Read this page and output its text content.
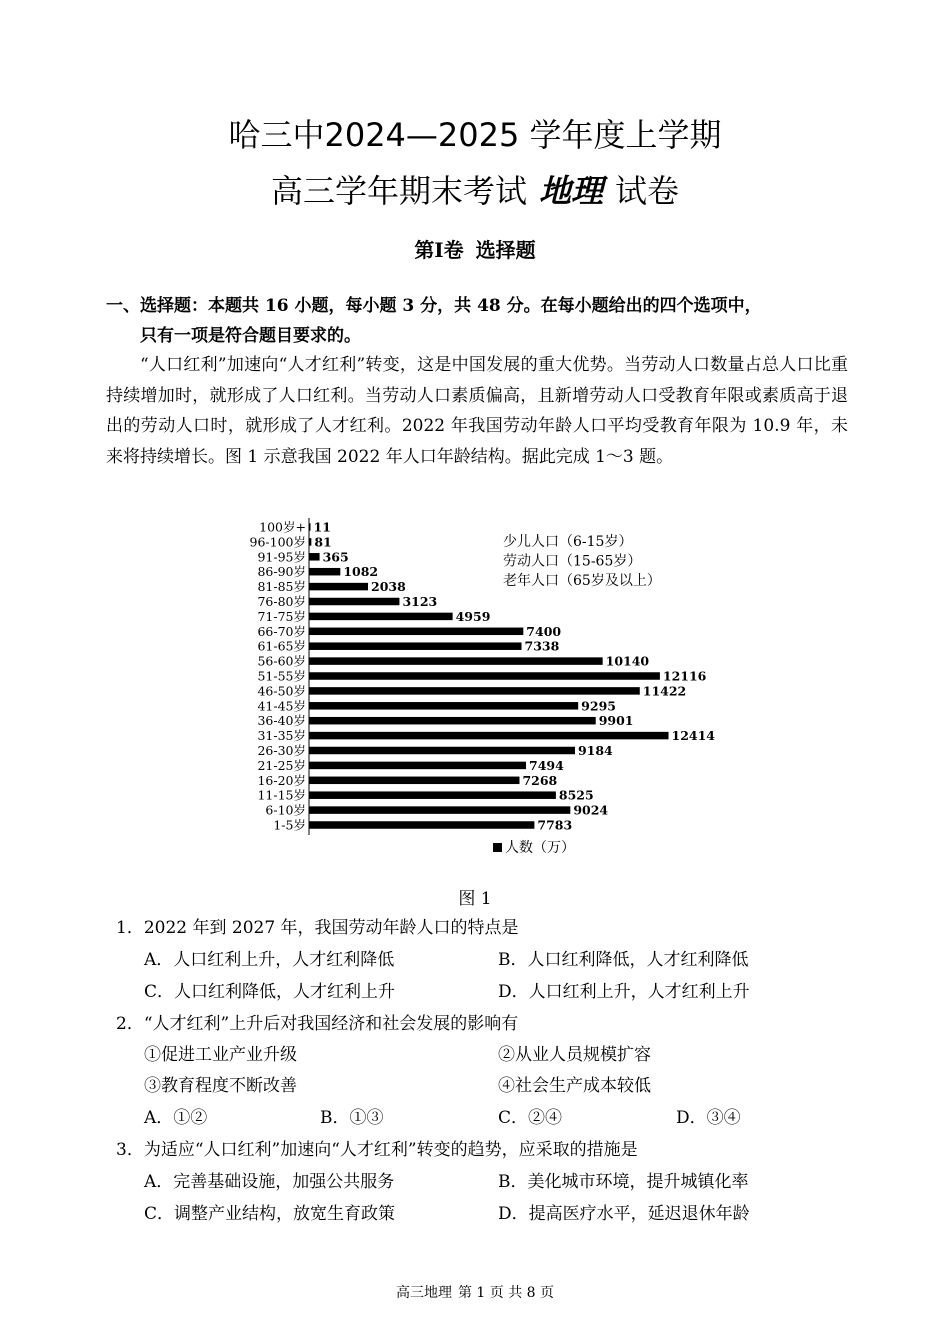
哈三中2024—2025 学年度上学期
高三学年期末考试 地理 试卷
第Ⅰ卷 选择题
一、选择题：本题共 16 小题，每小题 3 分，共 48 分。在每小题给出的四个选项中，
只有一项是符合题目要求的。

“人口红利”加速向“人才红利”转变，这是中国发展的重大优势。当劳动人口数量占总人口比重持续增加时，就形成了人口红利。当劳动人口素质偏高，且新增劳动人口受教育年限或素质高于退出的劳动人口时，就形成了人才红利。2022 年我国劳动年龄人口平均受教育年限为 10.9 年，未来将持续增长。图 1 示意我国 2022 年人口年龄结构。据此完成 1～3 题。

100岁+ 11
96-100岁 81
91-95岁 365
86-90岁	1082
81-85岁	2038
76-80岁	3123
71-75岁	4959
66-70岁	7400
61-65岁	7338
56-60岁	10140
51-55岁	12116
46-50岁	11422
41-45岁	9295
36-40岁	9901
31-35岁	12414
26-30岁	9184
21-25岁	7494
16-20岁	7268
11-15岁	8525
6-10岁	9024
1-5岁	7783
少儿人口（6-15岁）
劳动人口（15-65岁）
老年人口（65岁及以上）
人数（万）
图 1
1．2022 年到 2027 年，我国劳动年龄人口的特点是
A．人口红利上升，人才红利降低	B．人口红利降低，人才红利降低
C．人口红利降低，人才红利上升	D．人口红利上升，人才红利上升
2．“人才红利”上升后对我国经济和社会发展的影响有
①促进工业产业升级	②从业人员规模扩容
③教育程度不断改善	④社会生产成本较低
A．①②	B．①③	C．②④	D．③④
3．为适应“人口红利”加速向“人才红利”转变的趋势，应采取的措施是
A．完善基础设施，加强公共服务	B．美化城市环境，提升城镇化率
C．调整产业结构，放宽生育政策	D．提高医疗水平，延迟退休年龄
高三地理 第 1 页 共 8 页
